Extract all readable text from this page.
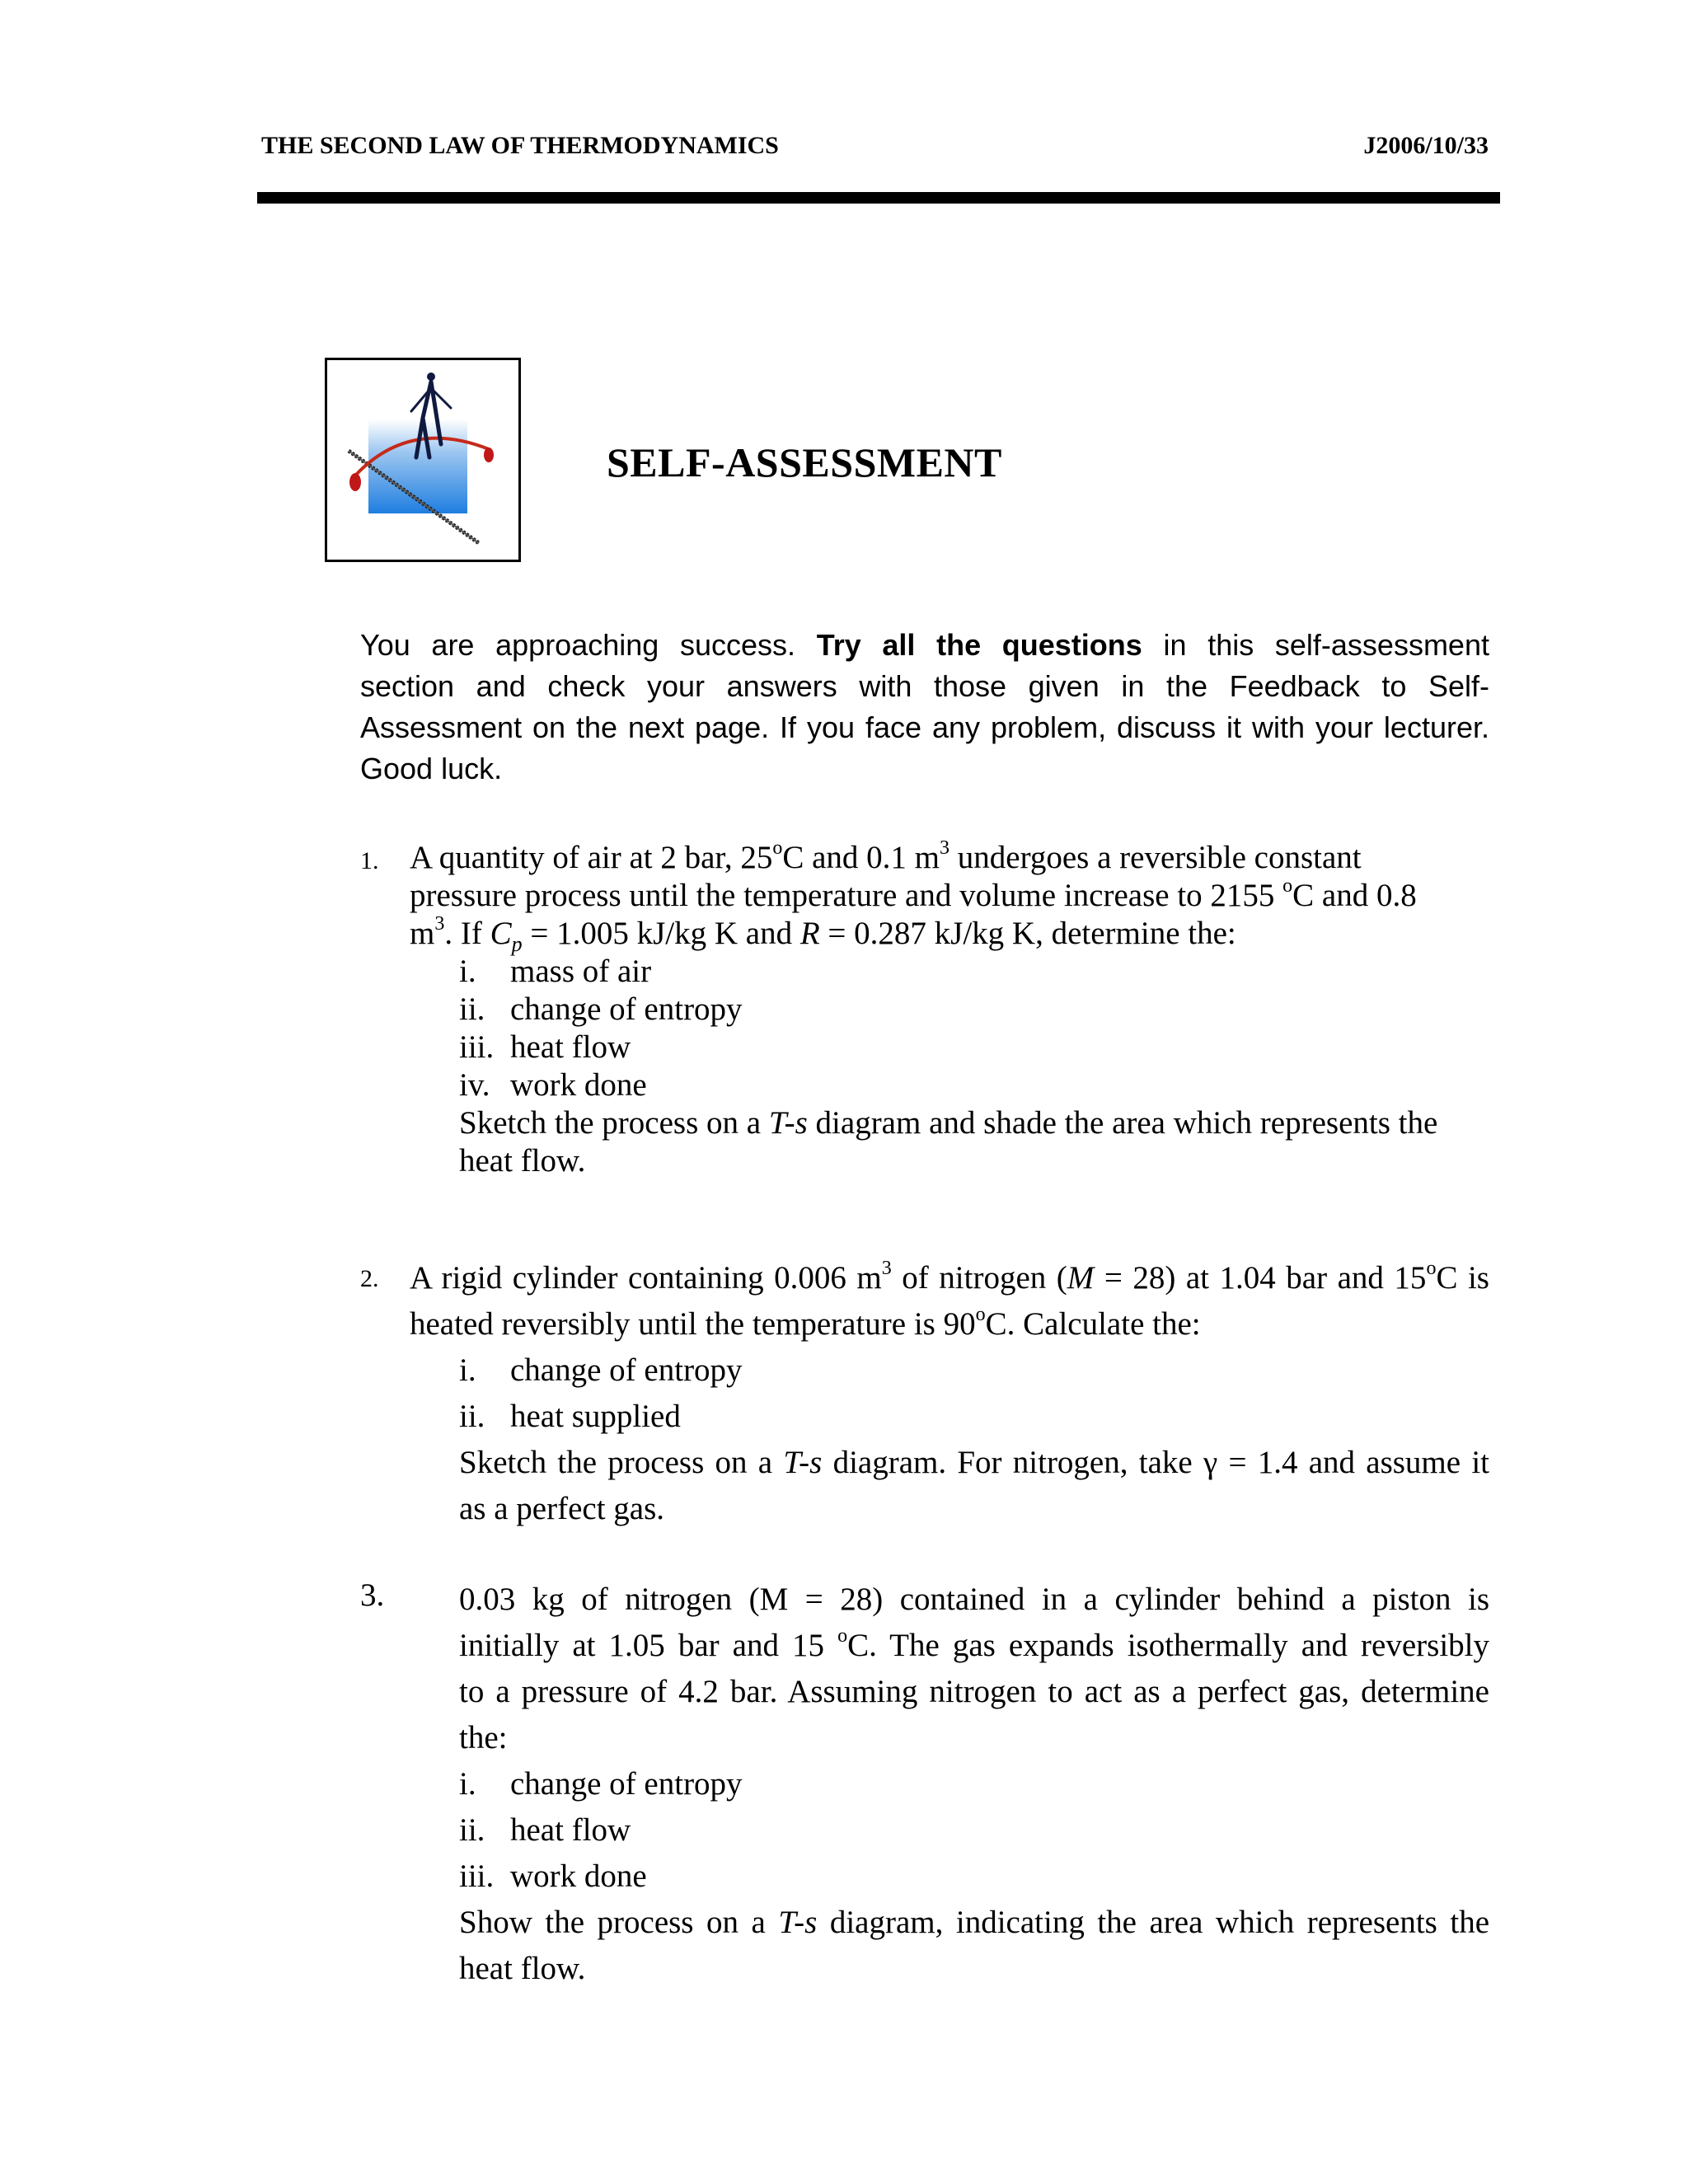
THE SECOND LAW OF THERMODYNAMICS	J2006/10/33
SELF-ASSESSMENT
You are approaching success. Try all the questions in this self-assessment
section and check your answers with those given in the Feedback to Self-
Assessment on the next page. If you face any problem, discuss it with your lecturer.
Good luck.
1. A quantity of air at 2 bar, 25$^o$C and 0.1 $m^3$ undergoes a reversible constant
pressure process until the temperature and volume increase to 2155 $^o$C and 0.8
$m^3$. If $C_p = 1.005$ kJ/kg K and R = 0.287 kJ/kg K, determine the:
i. mass of air
ii. change of entropy
iii. heat flow
iv. work done
Sketch the process on a T-s diagram and shade the area which represents the
heat flow.
2. A rigid cylinder containing 0.006 $m^3$ of nitrogen (M = 28) at 1.04 bar and 15$^o$C is
heated reversibly until the temperature is 90$^o$C. Calculate the:
i. change of entropy
ii. heat supplied
Sketch the process on a T-s diagram. For nitrogen, take γ = 1.4 and assume it
as a perfect gas.
3. 0.03 kg of nitrogen (M = 28) contained in a cylinder behind a piston is
initially at 1.05 bar and 15 $^o$C. The gas expands isothermally and reversibly
to a pressure of 4.2 bar. Assuming nitrogen to act as a perfect gas, determine
the:
i. change of entropy
ii. heat flow
iii. work done
Show the process on a T-s diagram, indicating the area which represents the
heat flow.
